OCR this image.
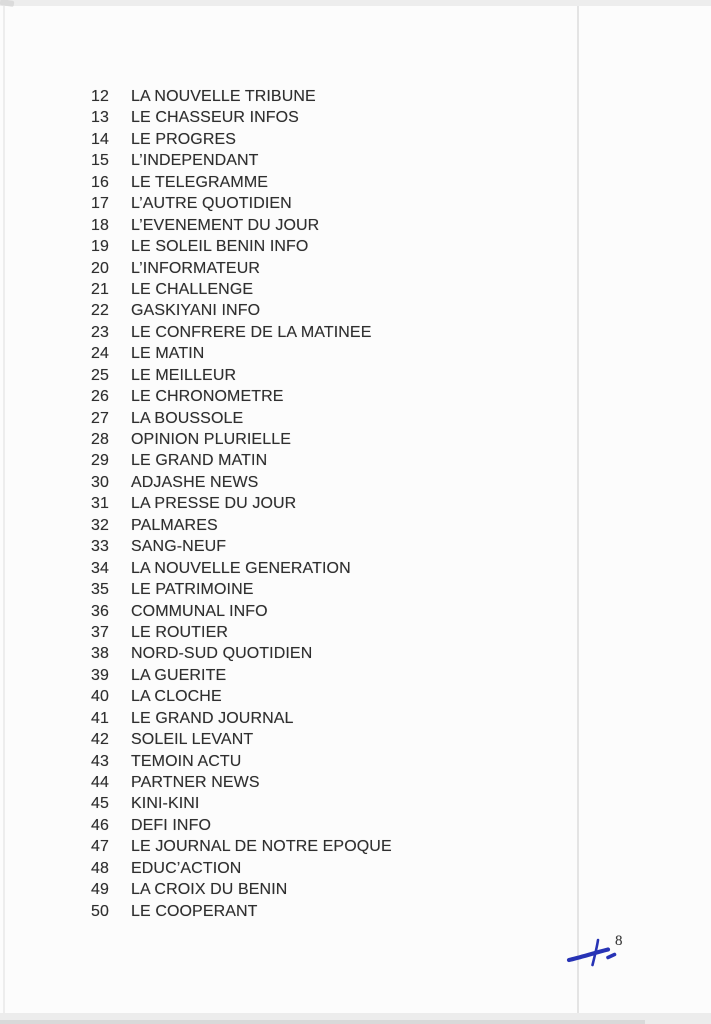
12	LA NOUVELLE TRIBUNE
13	LE CHASSEUR INFOS
14	LE PROGRES
15	L’INDEPENDANT
16	LE TELEGRAMME
17	L’AUTRE QUOTIDIEN
18	L’EVENEMENT DU JOUR
19	LE SOLEIL BENIN INFO
20	L’INFORMATEUR
21	LE CHALLENGE
22	GASKIYANI INFO
23	LE CONFRERE DE LA MATINEE
24	LE MATIN
25	LE MEILLEUR
26	LE CHRONOMETRE
27	LA BOUSSOLE
28	OPINION PLURIELLE
29	LE GRAND MATIN
30	ADJASHE NEWS
31	LA PRESSE DU JOUR
32	PALMARES
33	SANG-NEUF
34	LA NOUVELLE GENERATION
35	LE PATRIMOINE
36	COMMUNAL INFO
37	LE ROUTIER
38	NORD-SUD QUOTIDIEN
39	LA GUERITE
40	LA CLOCHE
41	LE GRAND JOURNAL
42	SOLEIL LEVANT
43	TEMOIN ACTU
44	PARTNER NEWS
45	KINI-KINI
46	DEFI INFO
47	LE JOURNAL DE NOTRE EPOQUE
48	EDUC’ACTION
49	LA CROIX DU BENIN
50	LE COOPERANT
8
